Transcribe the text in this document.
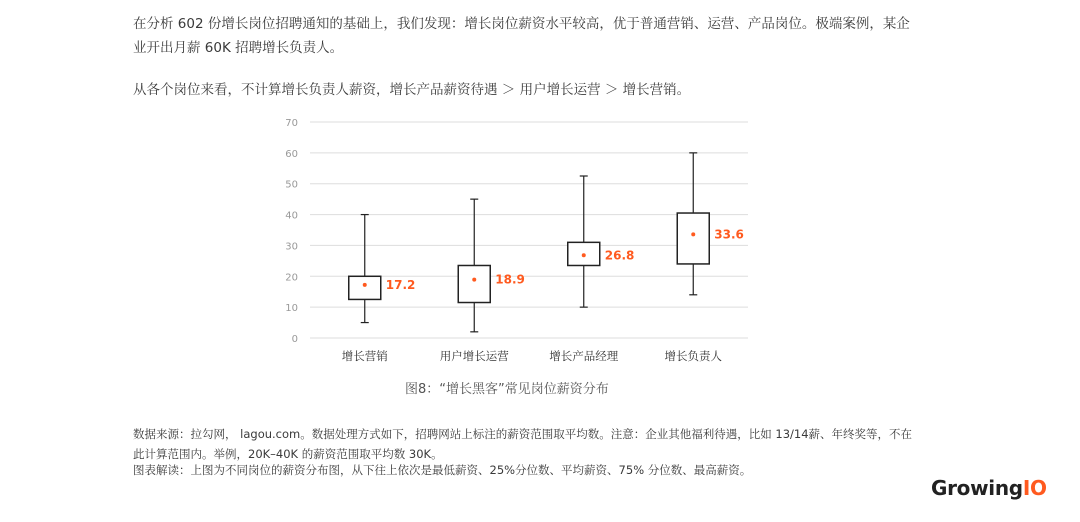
在分析 602 份增长岗位招聘通知的基础上，我们发现：增长岗位薪资水平较高，优于普通营销、运营、产品岗位。极端案例，某企业开出月薪 60K 招聘增长负责人。
从各个岗位来看，不计算增长负责人薪资，增长产品薪资待遇 ＞ 用户增长运营 ＞ 增长营销。
0
10
20
30
40
50
60
70
17.2
增长营销
18.9
用户增长运营
26.8
增长产品经理
33.6
增长负责人
图8：“增长黑客”常见岗位薪资分布
数据来源：拉勾网， lagou.com。数据处理方式如下，招聘网站上标注的薪资范围取平均数。注意：企业其他福利待遇，比如 13/14薪、年终奖等，不在此计算范围内。举例，20K–40K 的薪资范围取平均数 30K。
图表解读：上图为不同岗位的薪资分布图，从下往上依次是最低薪资、25%分位数、平均薪资、75% 分位数、最高薪资。
GrowingIO
